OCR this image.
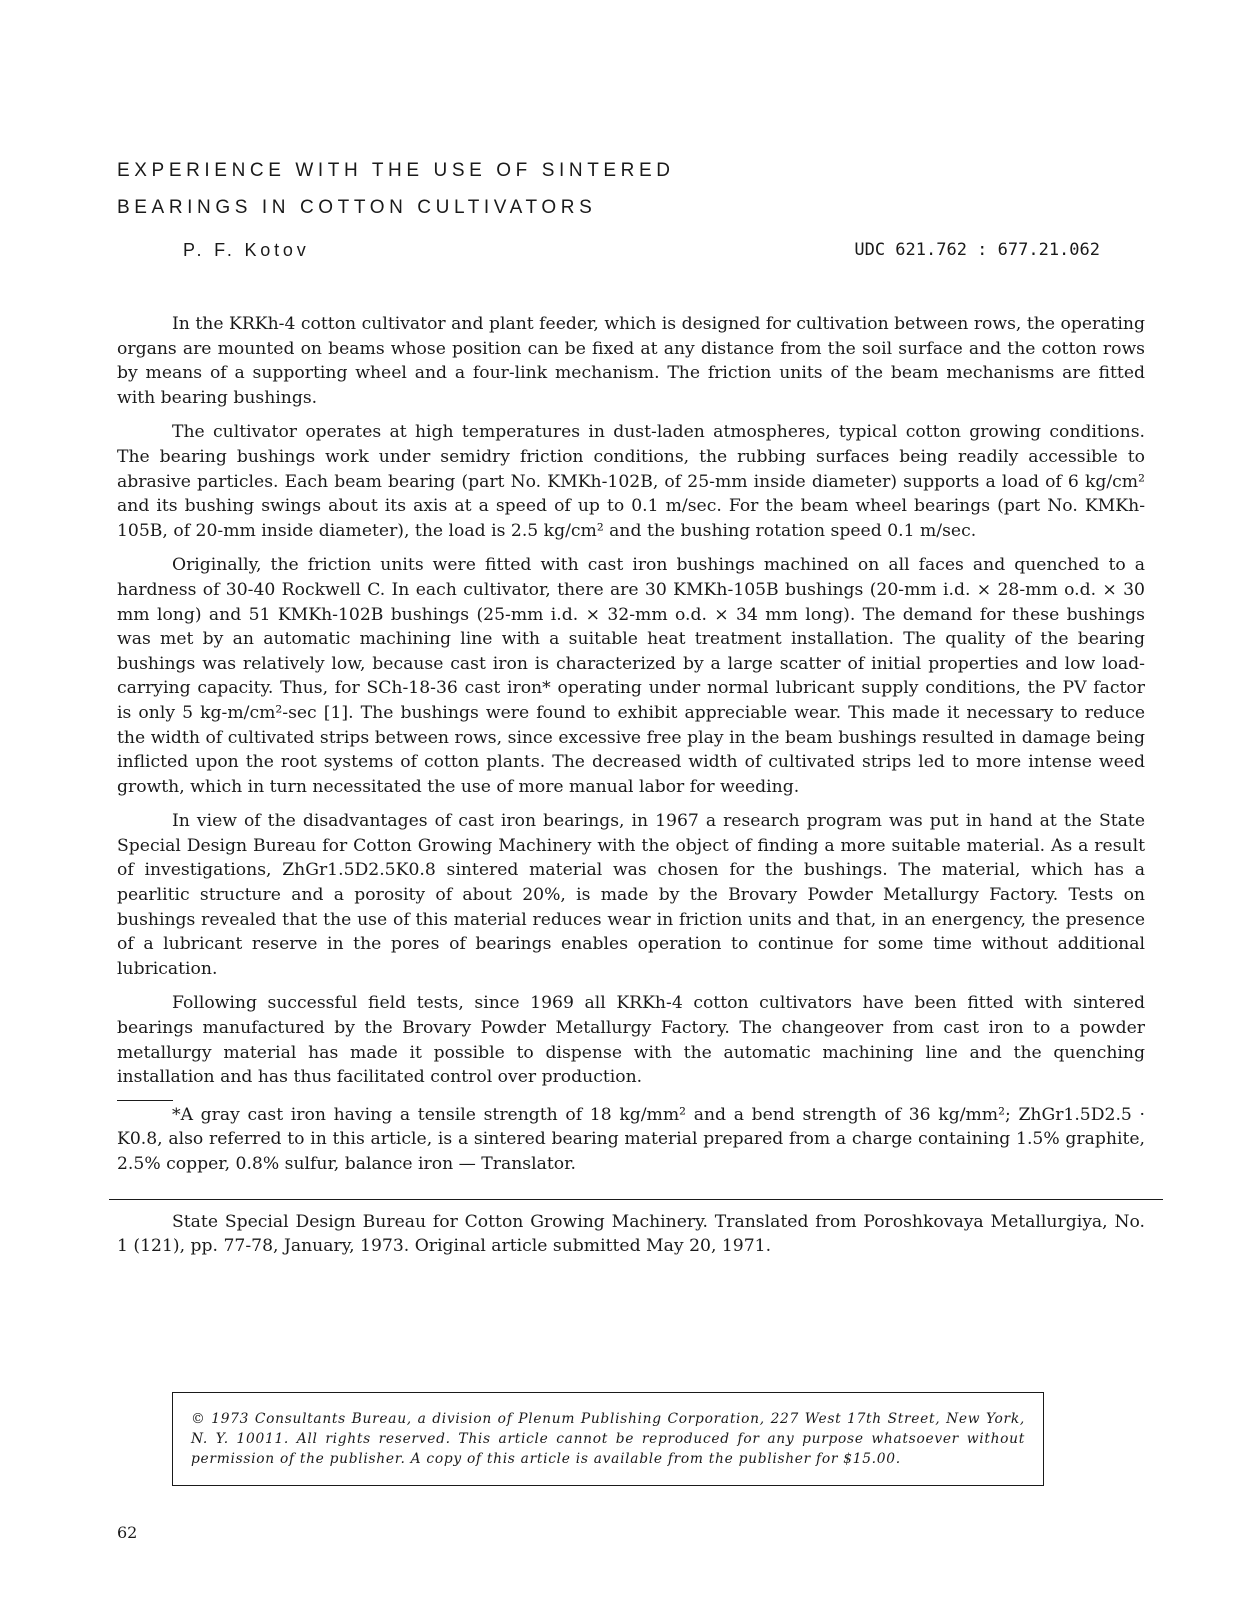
EXPERIENCE WITH THE USE OF SINTERED
BEARINGS IN COTTON CULTIVATORS
P. F. Kotov	UDC 621.762 : 677.21.062

In the KRKh-4 cotton cultivator and plant feeder, which is designed for cultivation between rows, the operating organs are mounted on beams whose position can be fixed at any distance from the soil surface and the cotton rows by means of a supporting wheel and a four-link mechanism. The friction units of the beam mechanisms are fitted with bearing bushings.

The cultivator operates at high temperatures in dust-laden atmospheres, typical cotton growing conditions. The bearing bushings work under semidry friction conditions, the rubbing surfaces being readily accessible to abrasive particles. Each beam bearing (part No. KMKh-102B, of 25-mm inside diameter) supports a load of 6 kg/cm² and its bushing swings about its axis at a speed of up to 0.1 m/sec. For the beam wheel bearings (part No. KMKh-105B, of 20-mm inside diameter), the load is 2.5 kg/cm² and the bushing rotation speed 0.1 m/sec.

Originally, the friction units were fitted with cast iron bushings machined on all faces and quenched to a hardness of 30-40 Rockwell C. In each cultivator, there are 30 KMKh-105B bushings (20-mm i.d. × 28-mm o.d. × 30 mm long) and 51 KMKh-102B bushings (25-mm i.d. × 32-mm o.d. × 34 mm long). The demand for these bushings was met by an automatic machining line with a suitable heat treatment installation. The quality of the bearing bushings was relatively low, because cast iron is characterized by a large scatter of initial properties and low load-carrying capacity. Thus, for SCh-18-36 cast iron* operating under normal lubricant supply conditions, the PV factor is only 5 kg-m/cm²-sec [1]. The bushings were found to exhibit appreciable wear. This made it necessary to reduce the width of cultivated strips between rows, since excessive free play in the beam bushings resulted in damage being inflicted upon the root systems of cotton plants. The decreased width of cultivated strips led to more intense weed growth, which in turn necessitated the use of more manual labor for weeding.

In view of the disadvantages of cast iron bearings, in 1967 a research program was put in hand at the State Special Design Bureau for Cotton Growing Machinery with the object of finding a more suitable material. As a result of investigations, ZhGr1.5D2.5K0.8 sintered material was chosen for the bushings. The material, which has a pearlitic structure and a porosity of about 20%, is made by the Brovary Powder Metallurgy Factory. Tests on bushings revealed that the use of this material reduces wear in friction units and that, in an energency, the presence of a lubricant reserve in the pores of bearings enables operation to continue for some time without additional lubrication.

Following successful field tests, since 1969 all KRKh-4 cotton cultivators have been fitted with sintered bearings manufactured by the Brovary Powder Metallurgy Factory. The changeover from cast iron to a powder metallurgy material has made it possible to dispense with the automatic machining line and the quenching installation and has thus facilitated control over production.

*A gray cast iron having a tensile strength of 18 kg/mm² and a bend strength of 36 kg/mm²; ZhGr1.5D2.5 · K0.8, also referred to in this article, is a sintered bearing material prepared from a charge containing 1.5% graphite, 2.5% copper, 0.8% sulfur, balance iron — Translator.

State Special Design Bureau for Cotton Growing Machinery. Translated from Poroshkovaya Metallurgiya, No. 1 (121), pp. 77-78, January, 1973. Original article submitted May 20, 1971.

© 1973 Consultants Bureau, a division of Plenum Publishing Corporation, 227 West 17th Street, New York, N. Y. 10011. All rights reserved. This article cannot be reproduced for any purpose whatsoever without permission of the publisher. A copy of this article is available from the publisher for $15.00.

62
